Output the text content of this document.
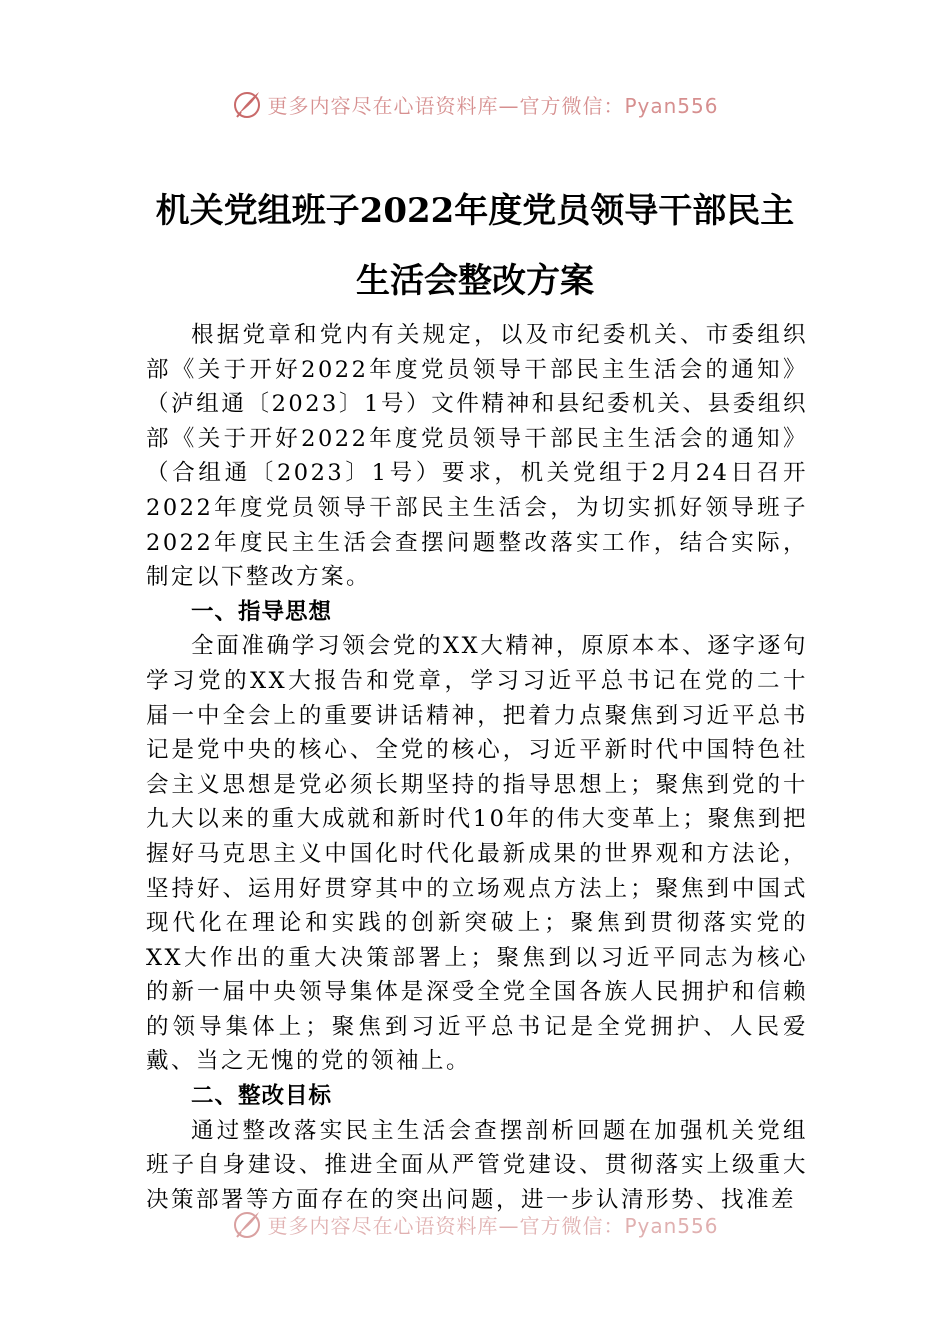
更多内容尽在心语资料库—官方微信：Pyan556
机关党组班子2022年度党员领导干部民主
生活会整改方案

根据党章和党内有关规定，以及市纪委机关、市委组织部《关于开好2022年度党员领导干部民主生活会的通知》（泸组通〔2023〕1号）文件精神和县纪委机关、县委组织部《关于开好2022年度党员领导干部民主生活会的通知》（合组通〔2023〕1号）要求，机关党组于2月24日召开2022年度党员领导干部民主生活会，为切实抓好领导班子2022年度民主生活会查摆问题整改落实工作，结合实际，制定以下整改方案。

一、指导思想

全面准确学习领会党的XX大精神，原原本本、逐字逐句学习党的XX大报告和党章，学习习近平总书记在党的二十届一中全会上的重要讲话精神，把着力点聚焦到习近平总书记是党中央的核心、全党的核心，习近平新时代中国特色社会主义思想是党必须长期坚持的指导思想上；聚焦到党的十九大以来的重大成就和新时代10年的伟大变革上；聚焦到把握好马克思主义中国化时代化最新成果的世界观和方法论，坚持好、运用好贯穿其中的立场观点方法上；聚焦到中国式现代化在理论和实践的创新突破上；聚焦到贯彻落实党的XX大作出的重大决策部署上；聚焦到以习近平同志为核心的新一届中央领导集体是深受全党全国各族人民拥护和信赖的领导集体上；聚焦到习近平总书记是全党拥护、人民爱戴、当之无愧的党的领袖上。

二、整改目标

通过整改落实民主生活会查摆剖析回题在加强机关党组班子自身建设、推进全面从严管党建设、贯彻落实上级重大决策部署等方面存在的突出问题，进一步认清形势、找准差

更多内容尽在心语资料库—官方微信：Pyan556
